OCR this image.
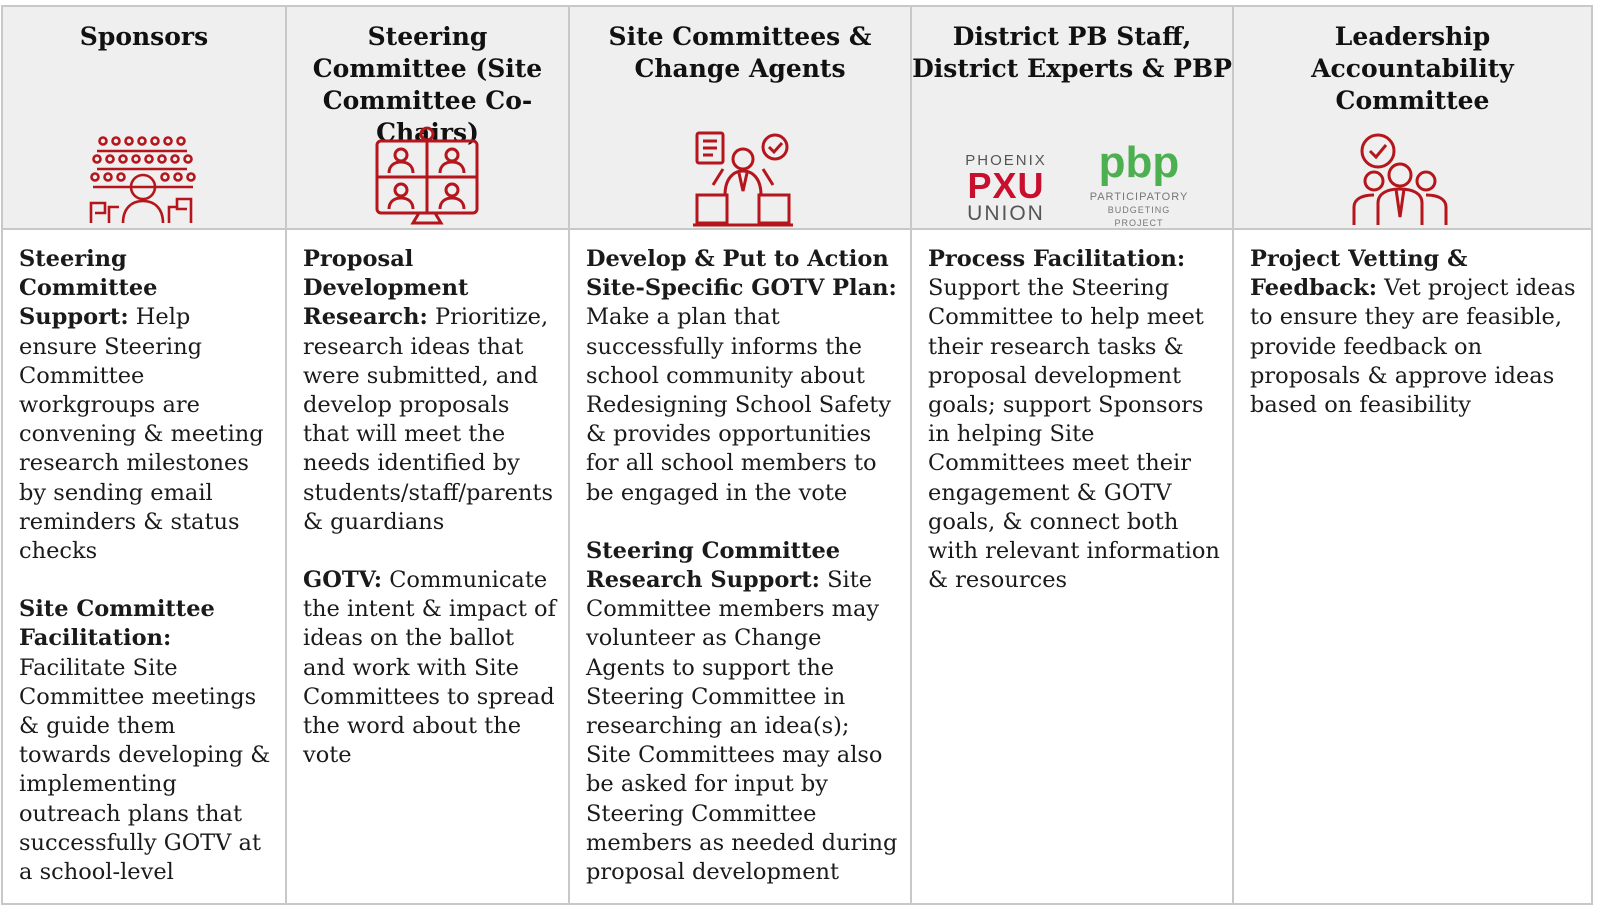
Sponsors

Steering Committee Support: Help ensure Steering Committee workgroups are convening & meeting research milestones by sending email reminders & status checks

Site Committee Facilitation: Facilitate Site Committee meetings & guide them towards developing & implementing outreach plans that successfully GOTV at a school-level

Steering Committee (Site Committee Co-Chairs)

Proposal Development Research: Prioritize, research ideas that were submitted, and develop proposals that will meet the needs identified by students/staff/parents & guardians

GOTV: Communicate the intent & impact of ideas on the ballot and work with Site Committees to spread the word about the vote

Site Committees & Change Agents

Develop & Put to Action Site-Specific GOTV Plan: Make a plan that successfully informs the school community about Redesigning School Safety & provides opportunities for all school members to be engaged in the vote

Steering Committee Research Support: Site Committee members may volunteer as Change Agents to support the Steering Committee in researching an idea(s); Site Committees may also be asked for input by Steering Committee members as needed during proposal development

District PB Staff, District Experts & PBP
PHOENIX
PXU
UNION
pbp
PARTICIPATORY
BUDGETING PROJECT

Process Facilitation: Support the Steering Committee to help meet their research tasks & proposal development goals; support Sponsors in helping Site Committees meet their engagement & GOTV goals, & connect both with relevant information & resources

Leadership Accountability Committee

Project Vetting & Feedback: Vet project ideas to ensure they are feasible, provide feedback on proposals & approve ideas based on feasibility
